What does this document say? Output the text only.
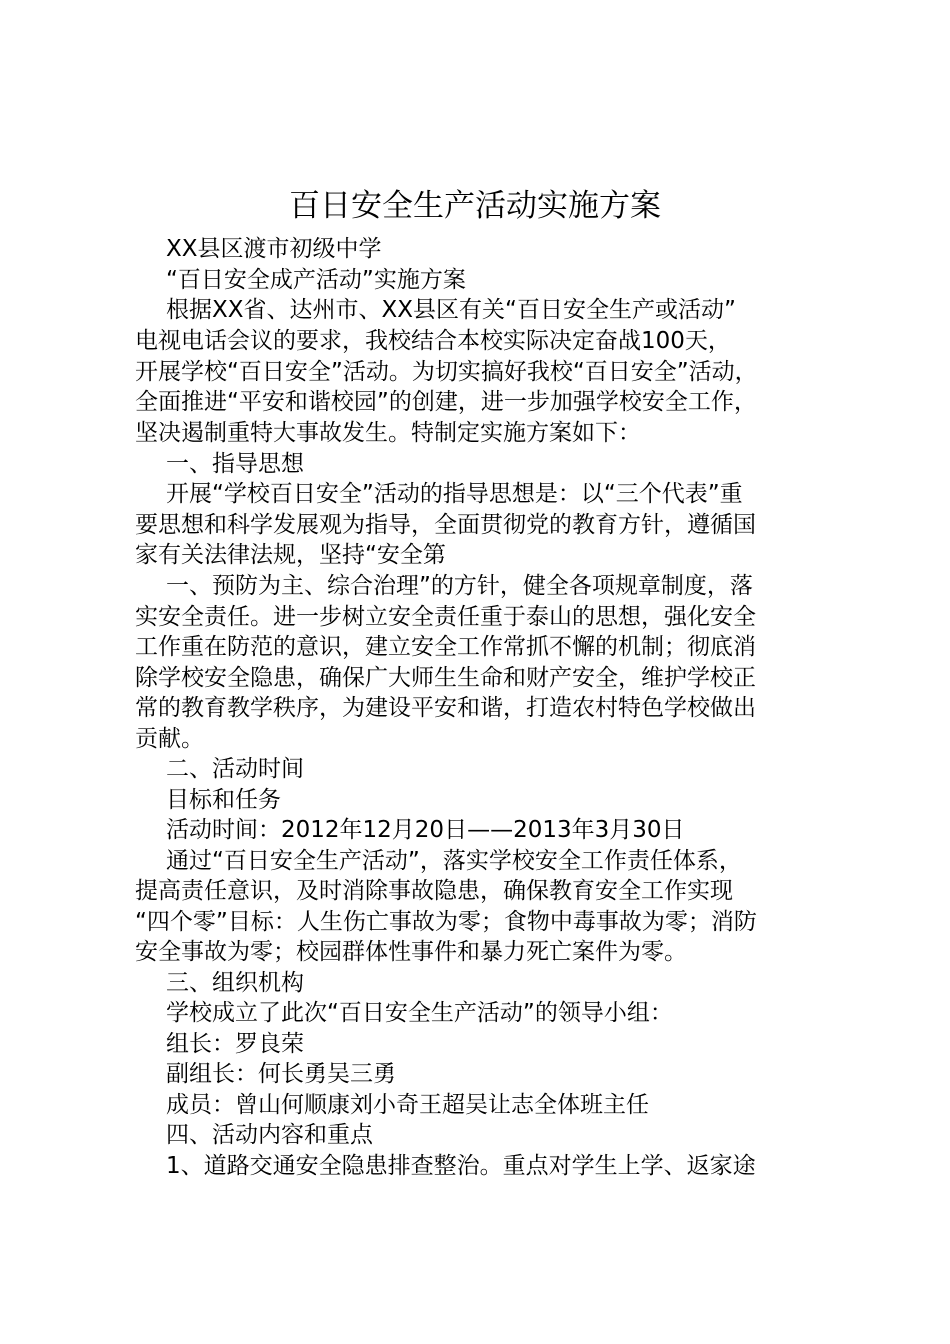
百日安全生产活动实施方案
XX县区渡市初级中学
“百日安全成产活动”实施方案
根据XX省、达州市、XX县区有关“百日安全生产或活动”
电视电话会议的要求，我校结合本校实际决定奋战100天，
开展学校“百日安全”活动。为切实搞好我校“百日安全”活动，
全面推进“平安和谐校园”的创建，进一步加强学校安全工作，
坚决遏制重特大事故发生。特制定实施方案如下：
一、指导思想
开展“学校百日安全”活动的指导思想是：以“三个代表”重
要思想和科学发展观为指导，全面贯彻党的教育方针，遵循国
家有关法律法规，坚持“安全第
一、预防为主、综合治理”的方针，健全各项规章制度，落
实安全责任。进一步树立安全责任重于泰山的思想，强化安全
工作重在防范的意识，建立安全工作常抓不懈的机制；彻底消
除学校安全隐患，确保广大师生生命和财产安全，维护学校正
常的教育教学秩序，为建设平安和谐，打造农村特色学校做出
贡献。
二、活动时间
目标和任务
活动时间：2012年12月20日——2013年3月30日
通过“百日安全生产活动”，落实学校安全工作责任体系，
提高责任意识，及时消除事故隐患，确保教育安全工作实现
“四个零”目标：人生伤亡事故为零；食物中毒事故为零；消防
安全事故为零；校园群体性事件和暴力死亡案件为零。
三、组织机构
学校成立了此次“百日安全生产活动”的领导小组：
组长：罗良荣
副组长：何长勇吴三勇
成员：曾山何顺康刘小奇王超吴让志全体班主任
四、活动内容和重点
1、道路交通安全隐患排查整治。重点对学生上学、返家途
